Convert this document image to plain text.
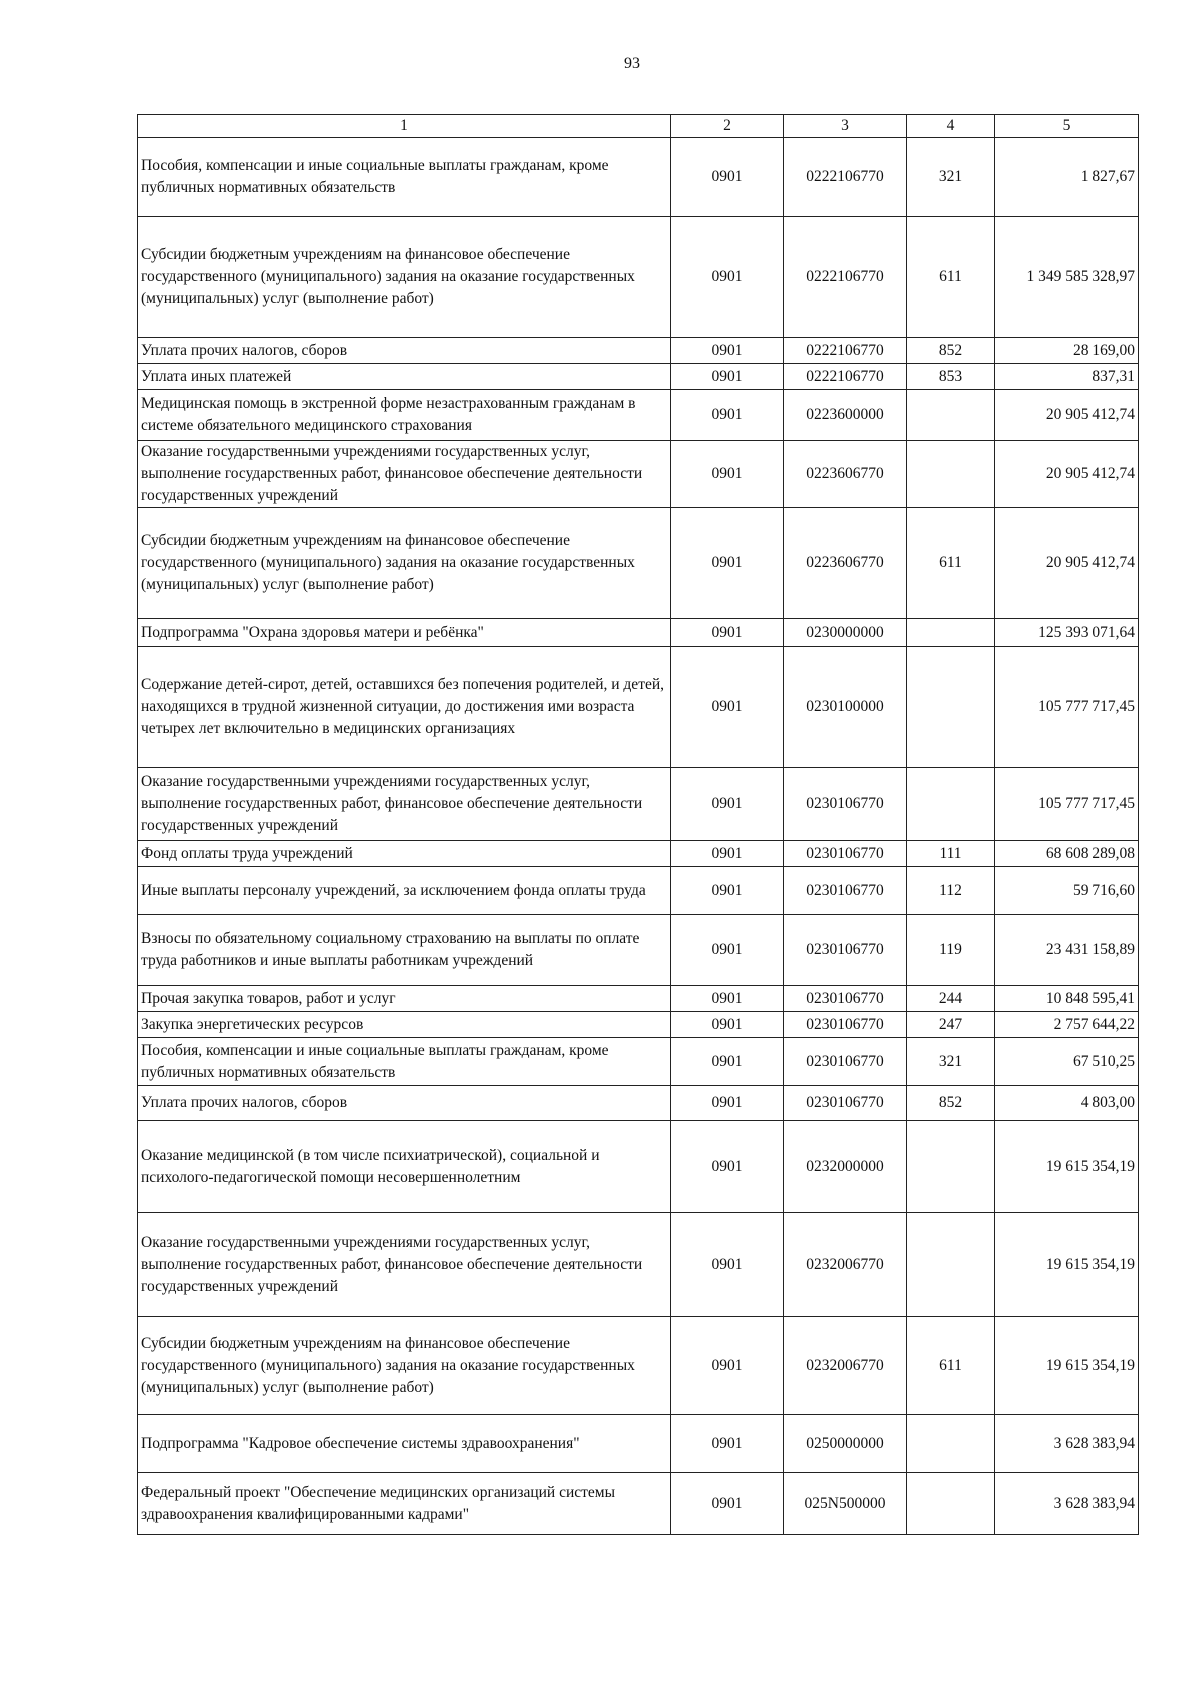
93
1	2	3	4	5
Пособия, компенсации и иные социальные выплаты гражданам, кроме публичных нормативных обязательств	0901	0222106770	321	1 827,67
Субсидии бюджетным учреждениям на финансовое обеспечение государственного (муниципального) задания на оказание государственных (муниципальных) услуг (выполнение работ)	0901	0222106770	611	1 349 585 328,97
Уплата прочих налогов, сборов	0901	0222106770	852	28 169,00
Уплата иных платежей	0901	0222106770	853	837,31
Медицинская помощь в экстренной форме незастрахованным гражданам в системе обязательного медицинского страхования	0901	0223600000		20 905 412,74
Оказание государственными учреждениями государственных услуг, выполнение государственных работ, финансовое обеспечение деятельности государственных учреждений	0901	0223606770		20 905 412,74
Субсидии бюджетным учреждениям на финансовое обеспечение государственного (муниципального) задания на оказание государственных (муниципальных) услуг (выполнение работ)	0901	0223606770	611	20 905 412,74
Подпрограмма "Охрана здоровья матери и ребёнка"	0901	0230000000		125 393 071,64
Содержание детей-сирот, детей, оставшихся без попечения родителей, и детей, находящихся в трудной жизненной ситуации, до достижения ими возраста четырех лет включительно в медицинских организациях	0901	0230100000		105 777 717,45
Оказание государственными учреждениями государственных услуг, выполнение государственных работ, финансовое обеспечение деятельности государственных учреждений	0901	0230106770		105 777 717,45
Фонд оплаты труда учреждений	0901	0230106770	111	68 608 289,08
Иные выплаты персоналу учреждений, за исключением фонда оплаты труда	0901	0230106770	112	59 716,60
Взносы по обязательному социальному страхованию на выплаты по оплате труда работников и иные выплаты работникам учреждений	0901	0230106770	119	23 431 158,89
Прочая закупка товаров, работ и услуг	0901	0230106770	244	10 848 595,41
Закупка энергетических ресурсов	0901	0230106770	247	2 757 644,22
Пособия, компенсации и иные социальные выплаты гражданам, кроме публичных нормативных обязательств	0901	0230106770	321	67 510,25
Уплата прочих налогов, сборов	0901	0230106770	852	4 803,00
Оказание медицинской (в том числе психиатрической), социальной и психолого-педагогической помощи несовершеннолетним	0901	0232000000		19 615 354,19
Оказание государственными учреждениями государственных услуг, выполнение государственных работ, финансовое обеспечение деятельности государственных учреждений	0901	0232006770		19 615 354,19
Субсидии бюджетным учреждениям на финансовое обеспечение государственного (муниципального) задания на оказание государственных (муниципальных) услуг (выполнение работ)	0901	0232006770	611	19 615 354,19
Подпрограмма "Кадровое обеспечение системы здравоохранения"	0901	0250000000		3 628 383,94
Федеральный проект "Обеспечение медицинских организаций системы здравоохранения квалифицированными кадрами"	0901	025N500000		3 628 383,94
